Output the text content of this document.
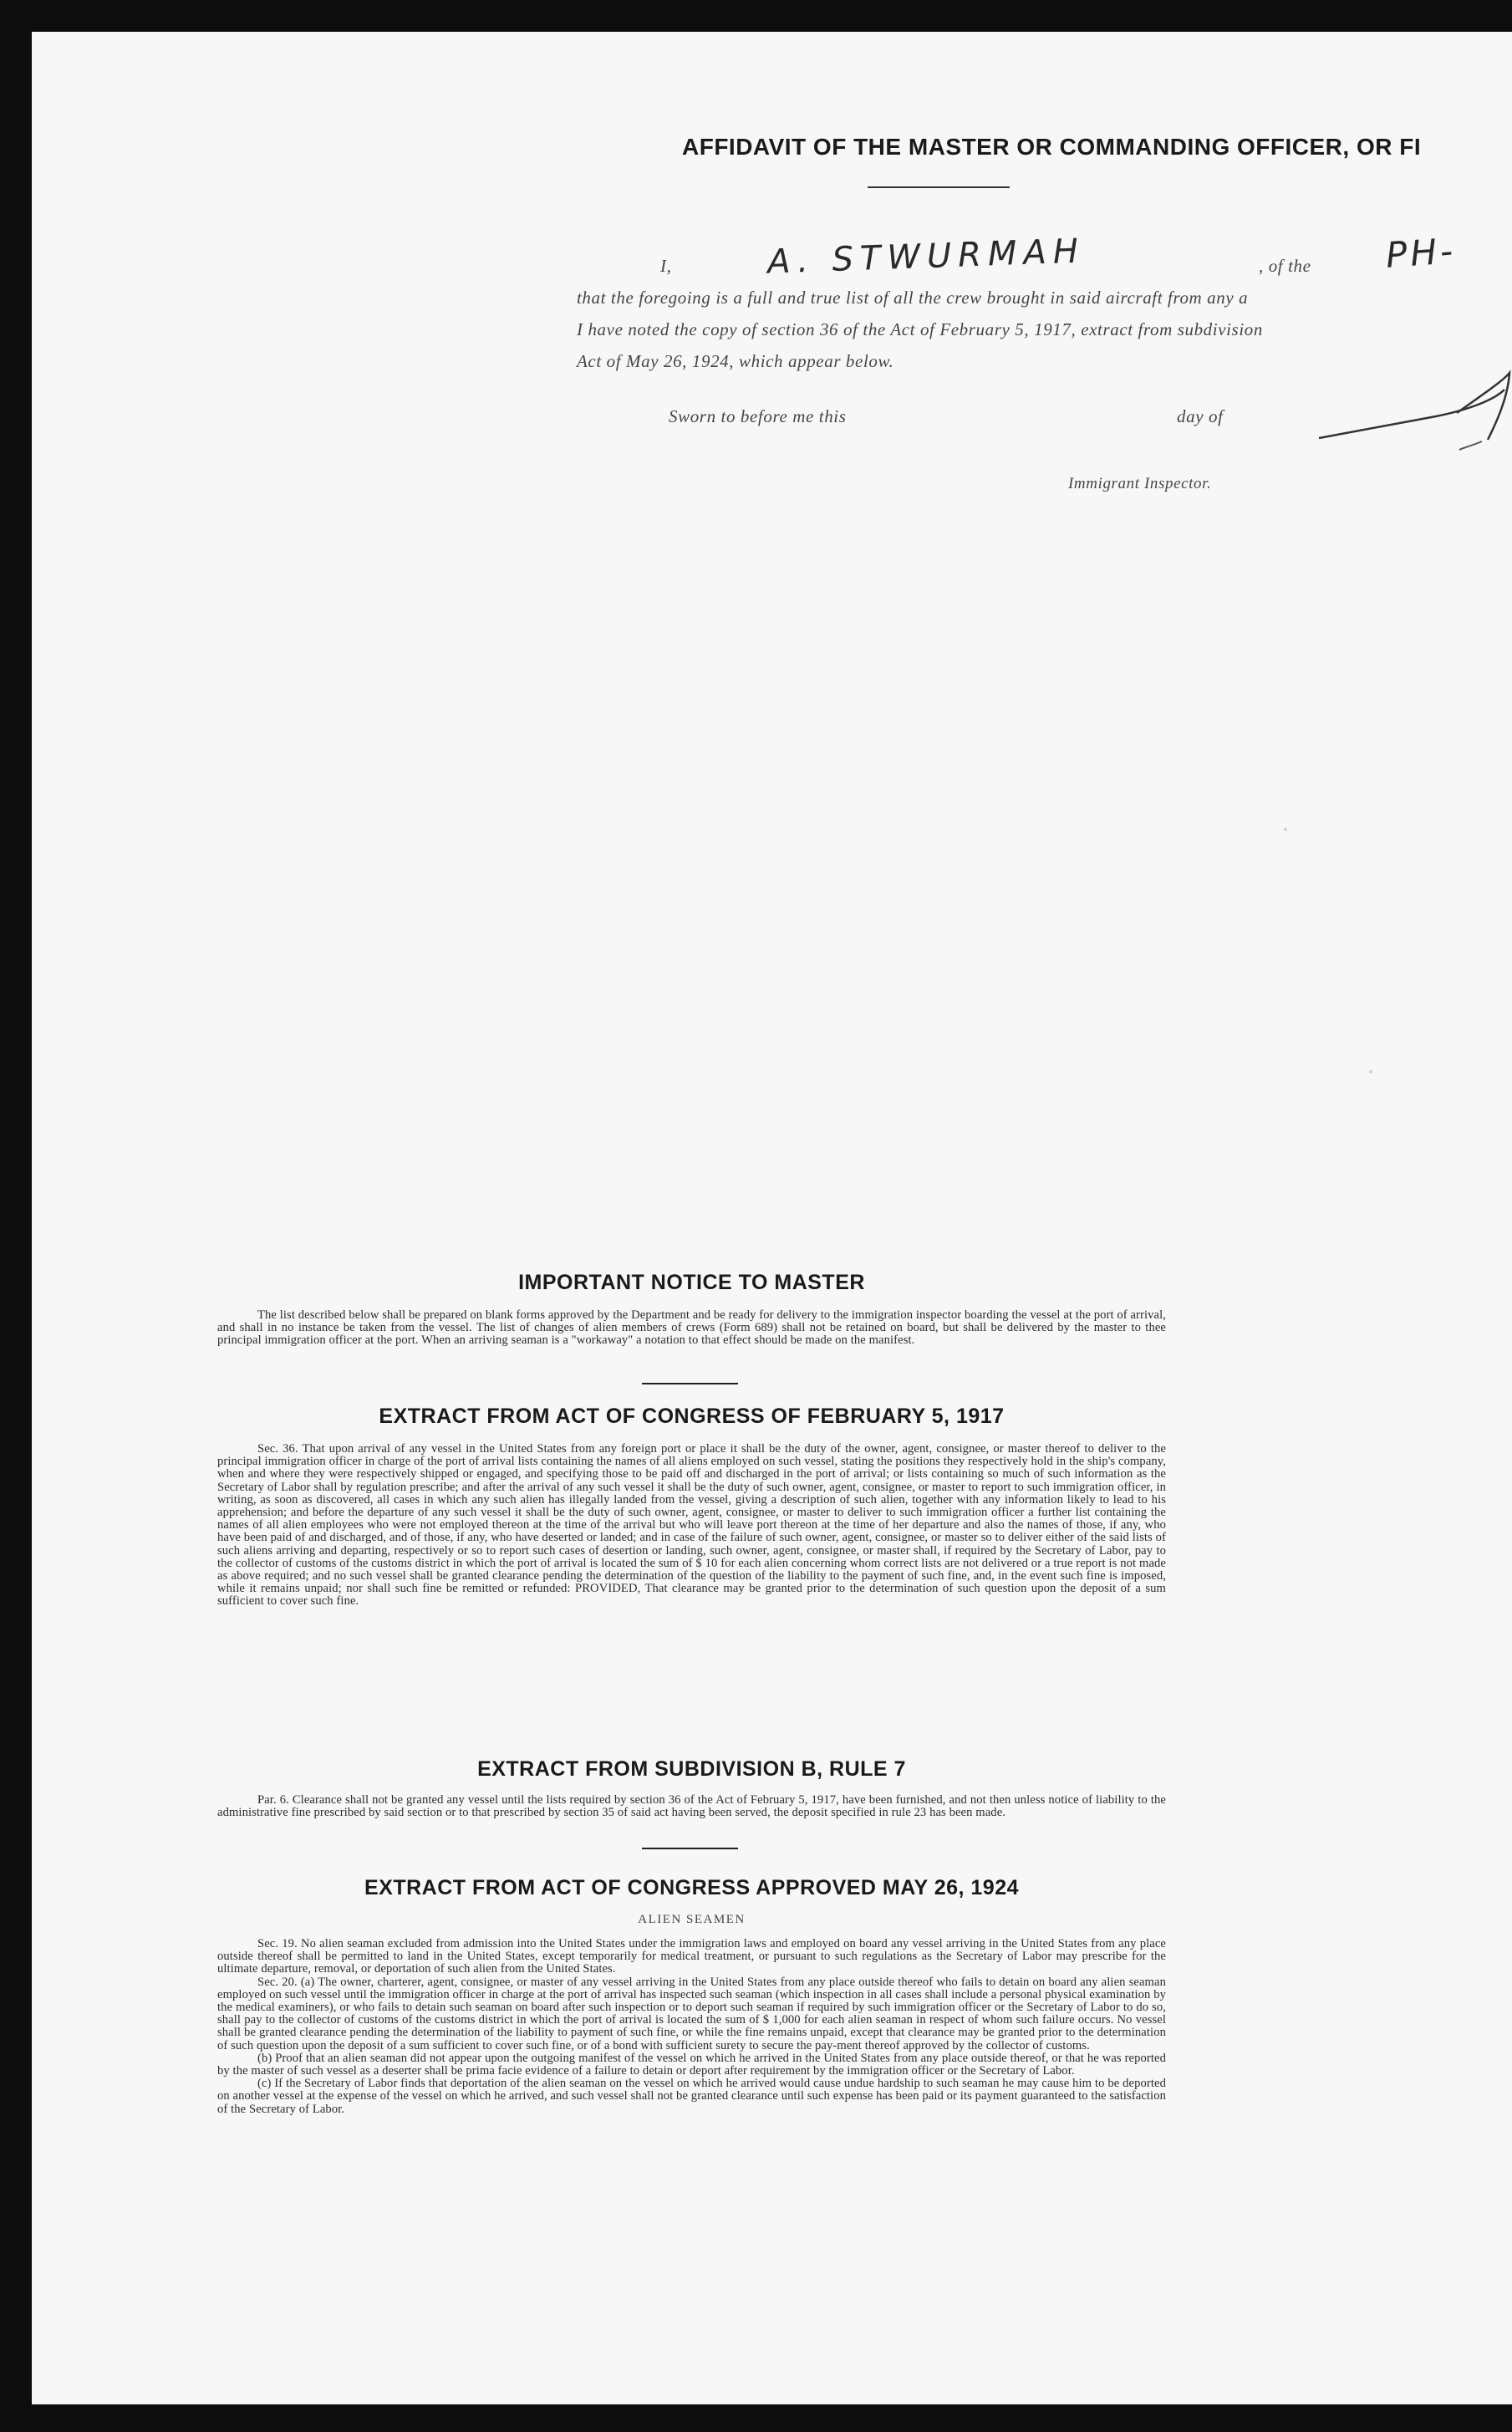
AFFIDAVIT OF THE MASTER OR COMMANDING OFFICER, OR FI
I,	A. STWURMAH	, of the PH-
that the foregoing is a full and true list of all the crew brought in said aircraft from any a
I have noted the copy of section 36 of the Act of February 5, 1917, extract from subdivision
Act of May 26, 1924, which appear below.
Sworn to before me this	day of
Immigrant Inspector.
IMPORTANT NOTICE TO MASTER

The list described below shall be prepared on blank forms approved by the Department and be ready for delivery to the immigration inspector boarding the vessel at the port of arrival, and shall in no instance be taken from the vessel. The list of changes of alien members of crews (Form 689) shall not be retained on board, but shall be delivered by the master to thee principal immigration officer at the port. When an arriving seaman is a "workaway" a notation to that effect should be made on the manifest.

EXTRACT FROM ACT OF CONGRESS OF FEBRUARY 5, 1917

Sec. 36. That upon arrival of any vessel in the United States from any foreign port or place it shall be the duty of the owner, agent, consignee, or master thereof to deliver to the principal immigration officer in charge of the port of arrival lists containing the names of all aliens employed on such vessel, stating the positions they respectively hold in the ship's company, when and where they were respectively shipped or engaged, and specifying those to be paid off and discharged in the port of arrival; or lists containing so much of such information as the Secretary of Labor shall by regulation prescribe; and after the arrival of any such vessel it shall be the duty of such owner, agent, consignee, or master to report to such immigration officer, in writing, as soon as discovered, all cases in which any such alien has illegally landed from the vessel, giving a description of such alien, together with any information likely to lead to his apprehension; and before the departure of any such vessel it shall be the duty of such owner, agent, consignee, or master to deliver to such immigration officer a further list containing the names of all alien employees who were not employed thereon at the time of the arrival but who will leave port thereon at the time of her departure and also the names of those, if any, who have been paid of and discharged, and of those, if any, who have deserted or landed; and in case of the failure of such owner, agent, consignee, or master so to deliver either of the said lists of such aliens arriving and departing, respectively or so to report such cases of desertion or landing, such owner, agent, consignee, or master shall, if required by the Secretary of Labor, pay to the collector of customs of the customs district in which the port of arrival is located the sum of $ 10 for each alien concerning whom correct lists are not delivered or a true report is not made as above required; and no such vessel shall be granted clearance pending the determination of the question of the liability to the payment of such fine, and, in the event such fine is imposed, while it remains unpaid; nor shall such fine be remitted or refunded: PROVIDED, That clearance may be granted prior to the determination of such question upon the deposit of a sum sufficient to cover such fine.

EXTRACT FROM SUBDIVISION B, RULE 7

Par. 6. Clearance shall not be granted any vessel until the lists required by section 36 of the Act of February 5, 1917, have been furnished, and not then unless notice of liability to the administrative fine prescribed by said section or to that prescribed by section 35 of said act having been served, the deposit specified in rule 23 has been made.

EXTRACT FROM ACT OF CONGRESS APPROVED MAY 26, 1924
ALIEN SEAMEN

Sec. 19. No alien seaman excluded from admission into the United States under the immigration laws and employed on board any vessel arriving in the United States from any place outside thereof shall be permitted to land in the United States, except temporarily for medical treatment, or pursuant to such regulations as the Secretary of Labor may prescribe for the ultimate departure, removal, or deportation of such alien from the United States.

Sec. 20. (a) The owner, charterer, agent, consignee, or master of any vessel arriving in the United States from any place outside thereof who fails to detain on board any alien seaman employed on such vessel until the immigration officer in charge at the port of arrival has inspected such seaman (which inspection in all cases shall include a personal physical examination by the medical examiners), or who fails to detain such seaman on board after such inspection or to deport such seaman if required by such immigration officer or the Secretary of Labor to do so, shall pay to the collector of customs of the customs district in which the port of arrival is located the sum of $ 1,000 for each alien seaman in respect of whom such failure occurs. No vessel shall be granted clearance pending the determination of the liability to payment of such fine, or while the fine remains unpaid, except that clearance may be granted prior to the determination of such question upon the deposit of a sum sufficient to cover such fine, or of a bond with sufficient surety to secure the pay-ment thereof approved by the collector of customs.

(b) Proof that an alien seaman did not appear upon the outgoing manifest of the vessel on which he arrived in the United States from any place outside thereof, or that he was reported by the master of such vessel as a deserter shall be prima facie evidence of a failure to detain or deport after requirement by the immigration officer or the Secretary of Labor.

(c) If the Secretary of Labor finds that deportation of the alien seaman on the vessel on which he arrived would cause undue hardship to such seaman he may cause him to be deported on another vessel at the expense of the vessel on which he arrived, and such vessel shall not be granted clearance until such expense has been paid or its payment guaranteed to the satisfaction of the Secretary of Labor.
